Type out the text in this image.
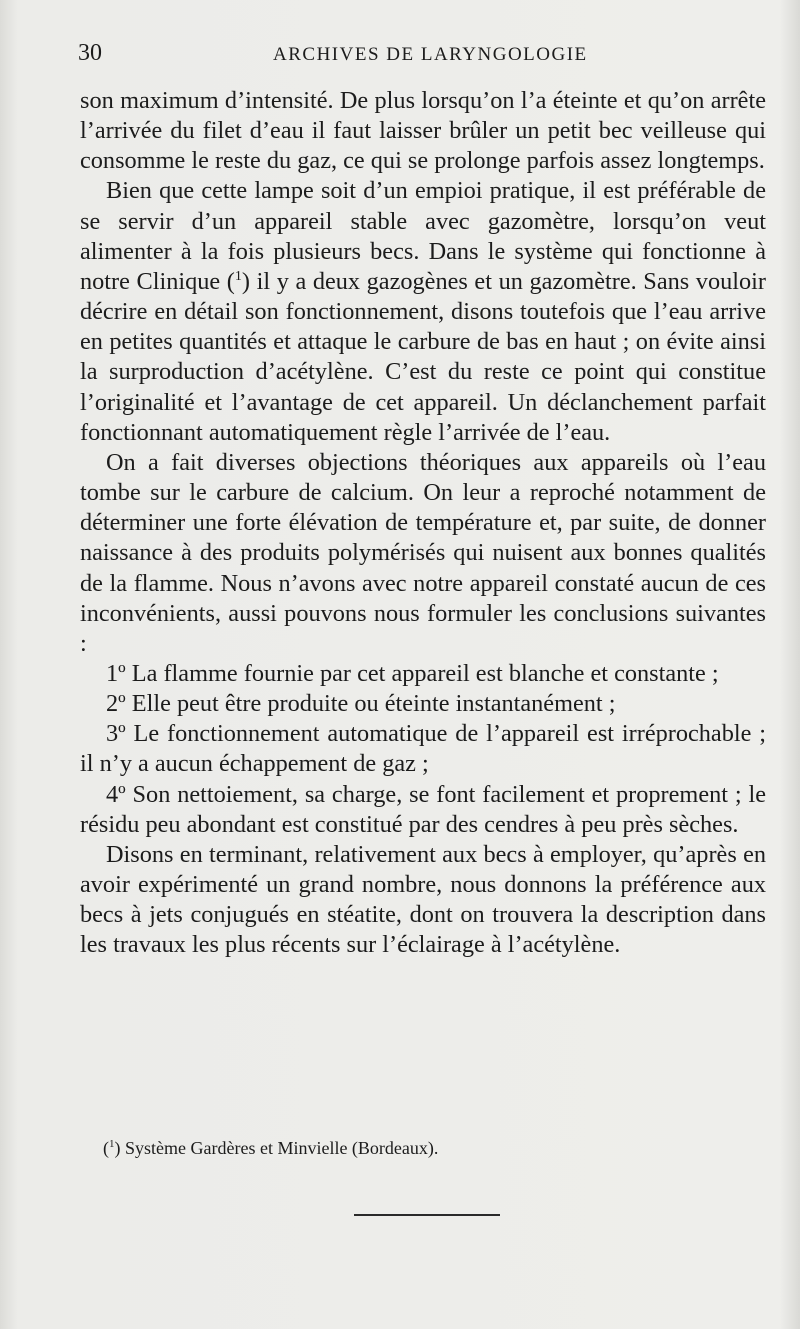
30	ARCHIVES DE LARYNGOLOGIE

son maximum d’intensité. De plus lorsqu’on l’a éteinte et qu’on arrête l’arrivée du filet d’eau il faut laisser brûler un petit bec veilleuse qui consomme le reste du gaz, ce qui se prolonge parfois assez longtemps.

Bien que cette lampe soit d’un empioi pratique, il est préférable de se servir d’un appareil stable avec gazomètre, lorsqu’on veut alimenter à la fois plusieurs becs. Dans le système qui fonctionne à notre Clinique ($^1$) il y a deux gazogènes et un gazomètre. Sans vouloir décrire en détail son fonctionnement, disons toutefois que l’eau arrive en petites quantités et attaque le carbure de bas en haut ; on évite ainsi la surproduction d’acétylène. C’est du reste ce point qui constitue l’originalité et l’avantage de cet appareil. Un déclanchement parfait fonctionnant automatiquement règle l’arrivée de l’eau.

On a fait diverses objections théoriques aux appareils où l’eau tombe sur le carbure de calcium. On leur a reproché notamment de déterminer une forte élévation de température et, par suite, de donner naissance à des produits polymérisés qui nuisent aux bonnes qualités de la flamme. Nous n’avons avec notre appareil constaté aucun de ces inconvénients, aussi pouvons nous formuler les conclusions suivantes :

1º La flamme fournie par cet appareil est blanche et constante ;

2º Elle peut être produite ou éteinte instantanément ;

3º Le fonctionnement automatique de l’appareil est irréprochable ; il n’y a aucun échappement de gaz ;

4º Son nettoiement, sa charge, se font facilement et proprement ; le résidu peu abondant est constitué par des cendres à peu près sèches.

Disons en terminant, relativement aux becs à employer, qu’après en avoir expérimenté un grand nombre, nous donnons la préférence aux becs à jets conjugués en stéatite, dont on trouvera la description dans les travaux les plus récents sur l’éclairage à l’acétylène.

($^1$) Système Gardères et Minvielle (Bordeaux).
